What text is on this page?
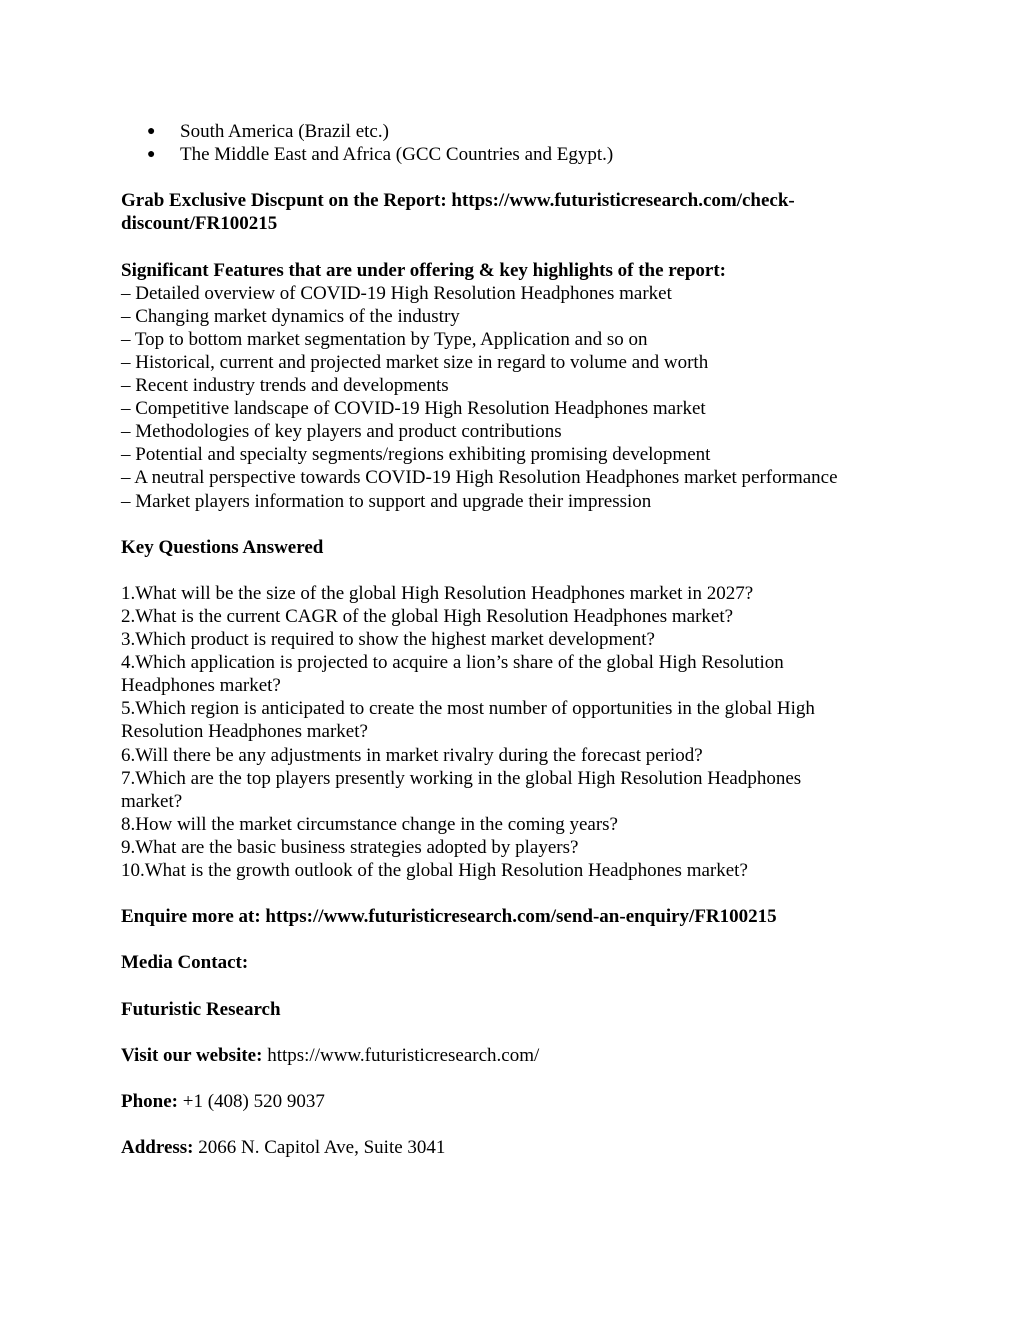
● South America (Brazil etc.)
● The Middle East and Africa (GCC Countries and Egypt.)

Grab Exclusive Discpunt on the Report: https://www.futuristicresearch.com/check-discount/FR100215

Significant Features that are under offering & key highlights of the report:

– Detailed overview of COVID-19 High Resolution Headphones market
– Changing market dynamics of the industry
– Top to bottom market segmentation by Type, Application and so on
– Historical, current and projected market size in regard to volume and worth
– Recent industry trends and developments
– Competitive landscape of COVID-19 High Resolution Headphones market
– Methodologies of key players and product contributions
– Potential and specialty segments/regions exhibiting promising development
– A neutral perspective towards COVID-19 High Resolution Headphones market performance
– Market players information to support and upgrade their impression

Key Questions Answered

1.What will be the size of the global High Resolution Headphones market in 2027?
2.What is the current CAGR of the global High Resolution Headphones market?
3.Which product is required to show the highest market development?
4.Which application is projected to acquire a lion’s share of the global High Resolution Headphones market?
5.Which region is anticipated to create the most number of opportunities in the global High Resolution Headphones market?
6.Will there be any adjustments in market rivalry during the forecast period?
7.Which are the top players presently working in the global High Resolution Headphones market?
8.How will the market circumstance change in the coming years?
9.What are the basic business strategies adopted by players?
10.What is the growth outlook of the global High Resolution Headphones market?

Enquire more at: https://www.futuristicresearch.com/send-an-enquiry/FR100215

Media Contact:

Futuristic Research

Visit our website: https://www.futuristicresearch.com/

Phone: +1 (408) 520 9037

Address: 2066 N. Capitol Ave, Suite 3041
